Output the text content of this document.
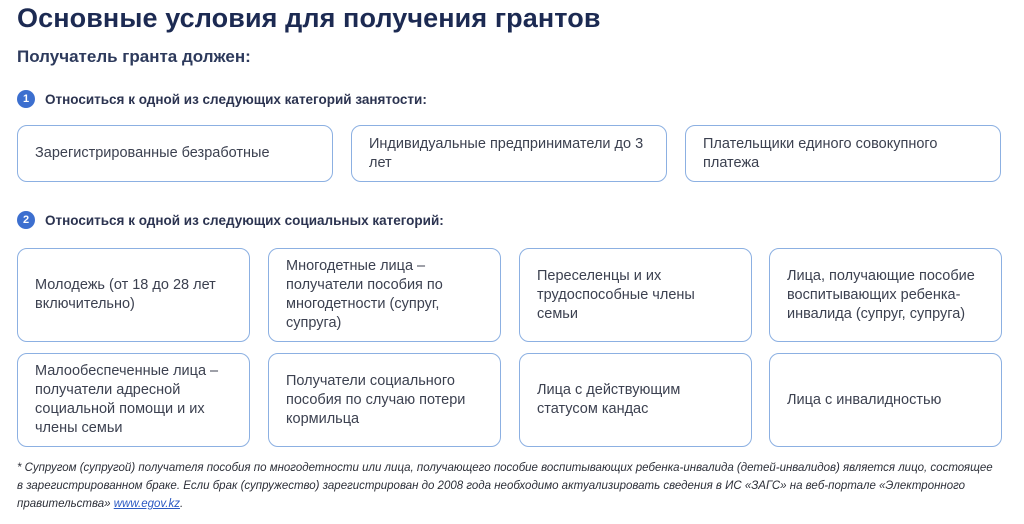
Основные условия для получения грантов
Получатель гранта должен:
1	Относиться к одной из следующих категорий занятости:
Зарегистрированные безработные
Индивидуальные предприниматели до 3 лет
Плательщики единого совокупного платежа
2	Относиться к одной из следующих социальных категорий:
Молодежь (от 18 до 28 лет включительно)
Многодетные лица – получатели пособия по многодетности (супруг, супруга)
Переселенцы и их трудоспособные члены семьи
Лица, получающие пособие воспитывающих ребенка-инвалида (супруг, супруга)
Малообеспеченные лица – получатели адресной социальной помощи и их члены семьи
Получатели социального пособия по случаю потери кормильца
Лица с действующим статусом кандас
Лица с инвалидностью

* Супругом (супругой) получателя пособия по многодетности или лица, получающего пособие воспитывающих ребенка-инвалида (детей-инвалидов) является лицо, состоящее в зарегистрированном браке. Если брак (супружество) зарегистрирован до 2008 года необходимо актуализировать сведения в ИС «ЗАГС» на веб-портале «Электронного правительства» www.egov.kz.
